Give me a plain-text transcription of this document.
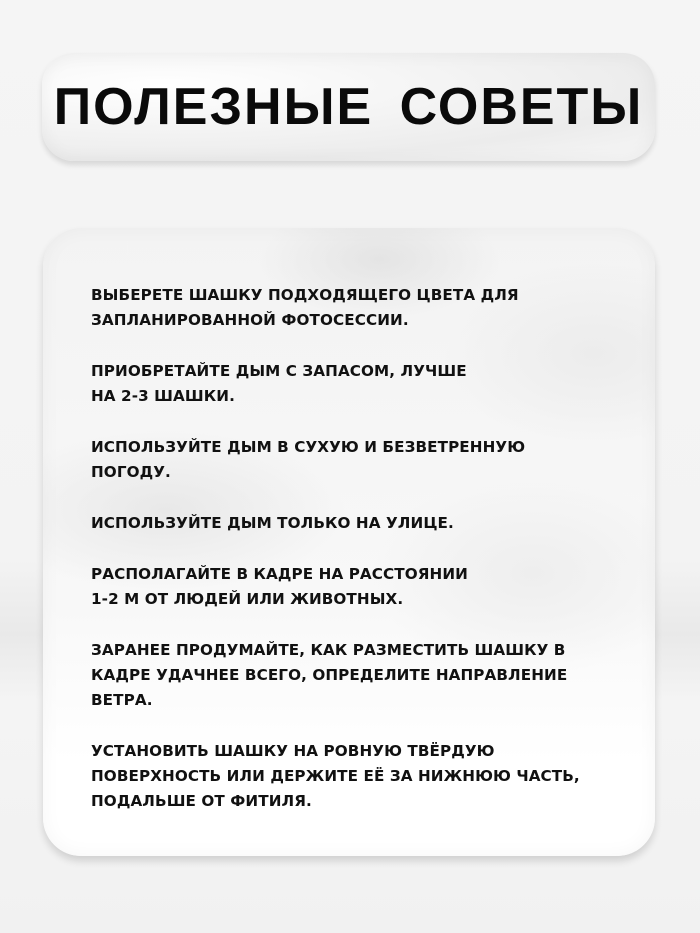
ПОЛЕЗНЫЕ СОВЕТЫ
ВЫБЕРЕТЕ ШАШКУ ПОДХОДЯЩЕГО ЦВЕТА ДЛЯ
ЗАПЛАНИРОВАННОЙ ФОТОСЕССИИ.
ПРИОБРЕТАЙТЕ ДЫМ С ЗАПАСОМ, ЛУЧШЕ
НА 2-3 ШАШКИ.
ИСПОЛЬЗУЙТЕ ДЫМ В СУХУЮ И БЕЗВЕТРЕННУЮ
ПОГОДУ.
ИСПОЛЬЗУЙТЕ ДЫМ ТОЛЬКО НА УЛИЦЕ.
РАСПОЛАГАЙТЕ В КАДРЕ НА РАССТОЯНИИ
1-2 М ОТ ЛЮДЕЙ ИЛИ ЖИВОТНЫХ.
ЗАРАНЕЕ ПРОДУМАЙТЕ, КАК РАЗМЕСТИТЬ ШАШКУ В
КАДРЕ УДАЧНЕЕ ВСЕГО, ОПРЕДЕЛИТЕ НАПРАВЛЕНИЕ
ВЕТРА.
УСТАНОВИТЬ ШАШКУ НА РОВНУЮ ТВЁРДУЮ
ПОВЕРХНОСТЬ ИЛИ ДЕРЖИТЕ ЕЁ ЗА НИЖНЮЮ ЧАСТЬ,
ПОДАЛЬШЕ ОТ ФИТИЛЯ.
